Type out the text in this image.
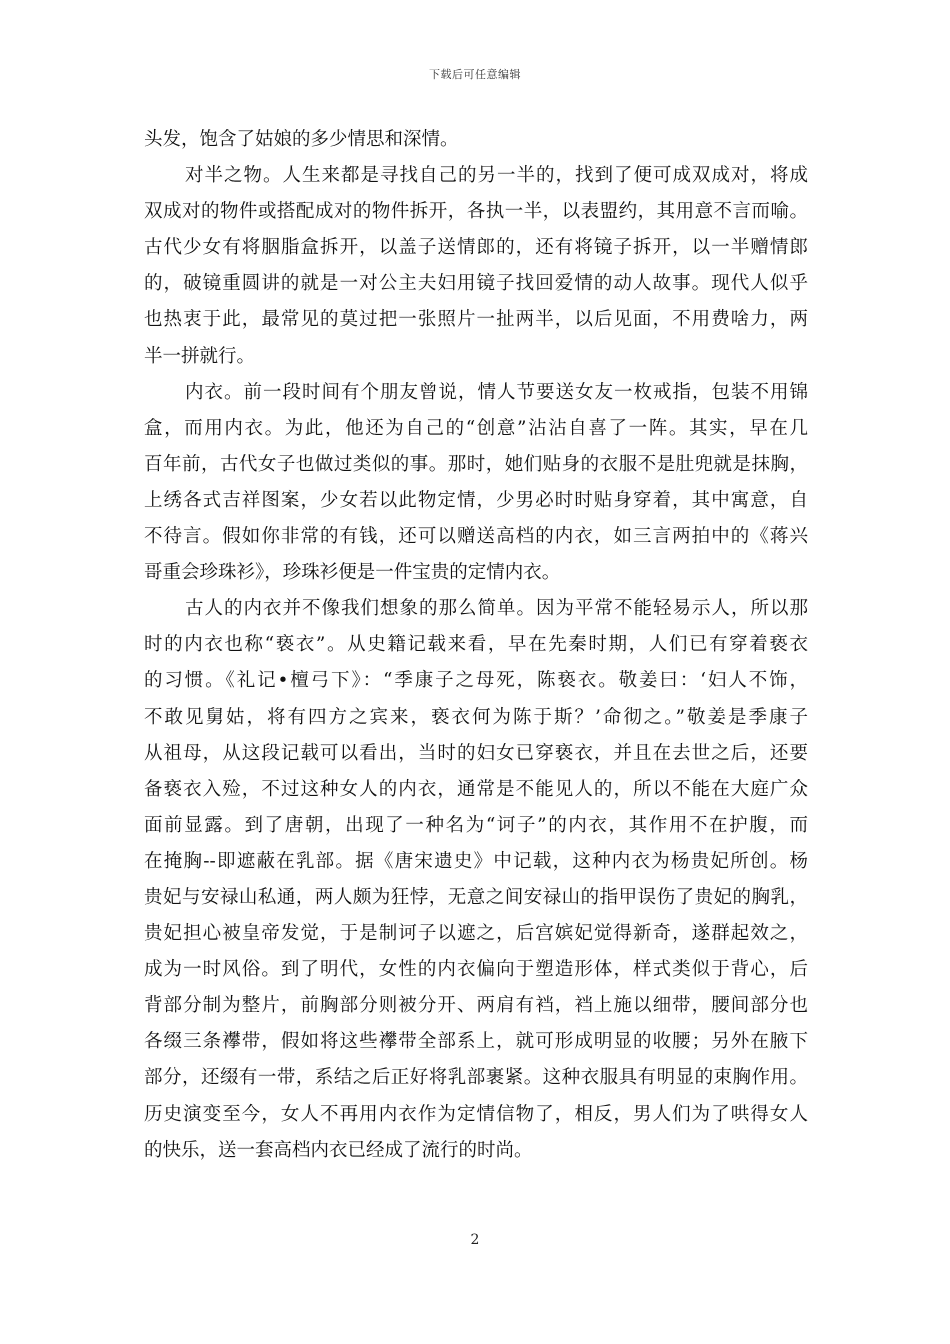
下载后可任意编辑
头发，饱含了姑娘的多少情思和深情。
对半之物。人生来都是寻找自己的另一半的，找到了便可成双成对，将成
双成对的物件或搭配成对的物件拆开，各执一半，以表盟约，其用意不言而喻。
古代少女有将胭脂盒拆开，以盖子送情郎的，还有将镜子拆开，以一半赠情郎
的，破镜重圆讲的就是一对公主夫妇用镜子找回爱情的动人故事。现代人似乎
也热衷于此，最常见的莫过把一张照片一扯两半，以后见面，不用费啥力，两
半一拼就行。
内衣。前一段时间有个朋友曾说，情人节要送女友一枚戒指，包装不用锦
盒，而用内衣。为此，他还为自己的“创意”沾沾自喜了一阵。其实，早在几
百年前，古代女子也做过类似的事。那时，她们贴身的衣服不是肚兜就是抹胸，
上绣各式吉祥图案，少女若以此物定情，少男必时时贴身穿着，其中寓意，自
不待言。假如你非常的有钱，还可以赠送高档的内衣，如三言两拍中的《蒋兴
哥重会珍珠衫》，珍珠衫便是一件宝贵的定情内衣。
古人的内衣并不像我们想象的那么简单。因为平常不能轻易示人，所以那
时的内衣也称“亵衣”。从史籍记载来看，早在先秦时期，人们已有穿着亵衣
的习惯。《礼记•檀弓下》：“季康子之母死，陈亵衣。敬姜曰：‘妇人不饰，
不敢见舅姑，将有四方之宾来，亵衣何为陈于斯？’命彻之。”敬姜是季康子
从祖母，从这段记载可以看出，当时的妇女已穿亵衣，并且在去世之后，还要
备亵衣入殓，不过这种女人的内衣，通常是不能见人的，所以不能在大庭广众
面前显露。到了唐朝，出现了一种名为“诃子”的内衣，其作用不在护腹，而
在掩胸--即遮蔽在乳部。据《唐宋遗史》中记载，这种内衣为杨贵妃所创。杨
贵妃与安禄山私通，两人颇为狂悖，无意之间安禄山的指甲误伤了贵妃的胸乳，
贵妃担心被皇帝发觉，于是制诃子以遮之，后宫嫔妃觉得新奇，遂群起效之，
成为一时风俗。到了明代，女性的内衣偏向于塑造形体，样式类似于背心，后
背部分制为整片，前胸部分则被分开、两肩有裆，裆上施以细带，腰间部分也
各缀三条襻带，假如将这些襻带全部系上，就可形成明显的收腰；另外在腋下
部分，还缀有一带，系结之后正好将乳部裹紧。这种衣服具有明显的束胸作用。
历史演变至今，女人不再用内衣作为定情信物了，相反，男人们为了哄得女人
的快乐，送一套高档内衣已经成了流行的时尚。
2
